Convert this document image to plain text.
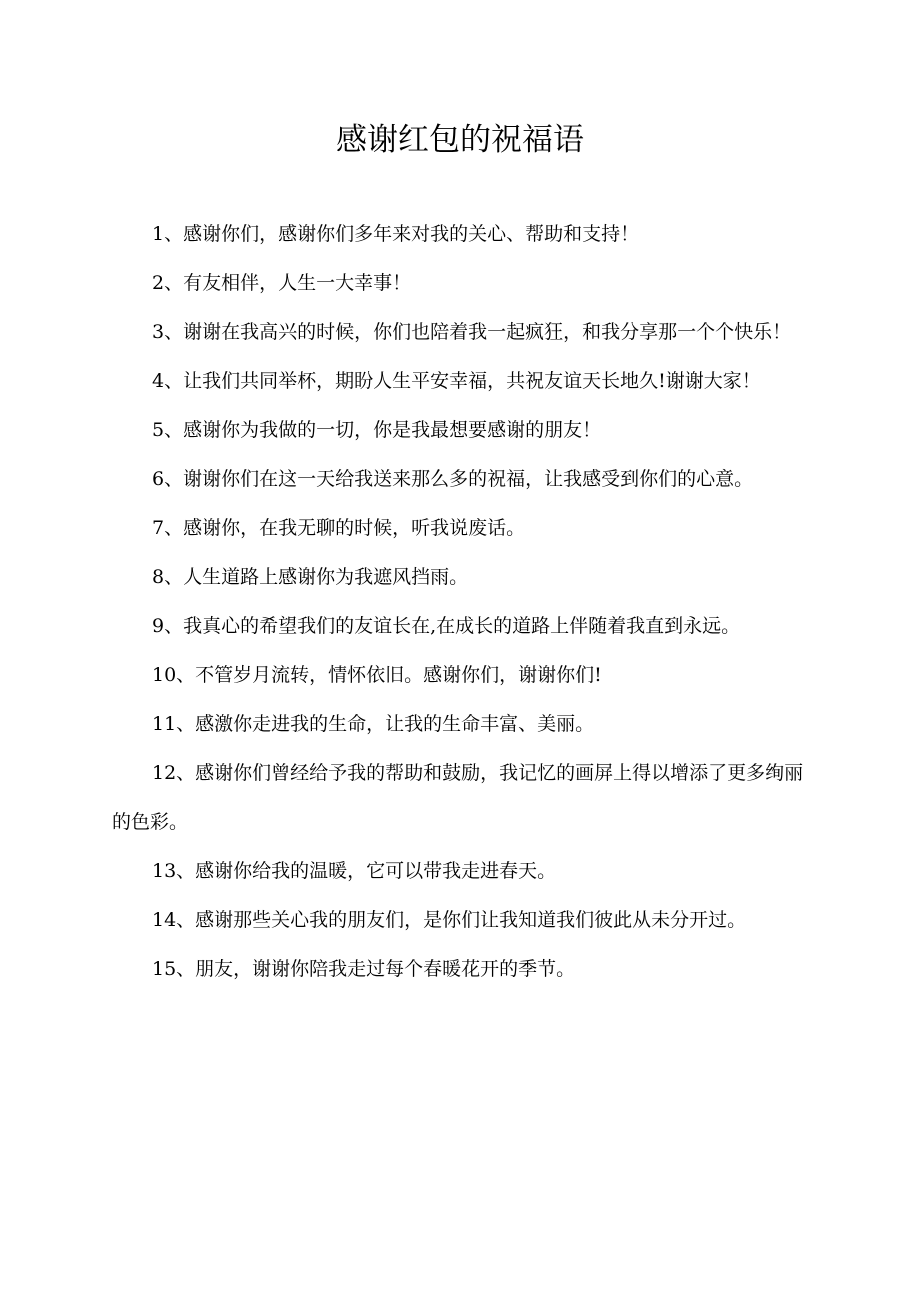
感谢红包的祝福语

1、感谢你们，感谢你们多年来对我的关心、帮助和支持！

2、有友相伴，人生一大幸事！

3、谢谢在我高兴的时候，你们也陪着我一起疯狂，和我分享那一个个快乐！

4、让我们共同举杯，期盼人生平安幸福，共祝友谊天长地久!谢谢大家！

5、感谢你为我做的一切，你是我最想要感谢的朋友！

6、谢谢你们在这一天给我送来那么多的祝福，让我感受到你们的心意。

7、感谢你，在我无聊的时候，听我说废话。

8、人生道路上感谢你为我遮风挡雨。

9、我真心的希望我们的友谊长在,在成长的道路上伴随着我直到永远。

10、不管岁月流转，情怀依旧。感谢你们，谢谢你们!

11、感激你走进我的生命，让我的生命丰富、美丽。

12、感谢你们曾经给予我的帮助和鼓励，我记忆的画屏上得以增添了更多绚丽的色彩。

13、感谢你给我的温暖，它可以带我走进春天。

14、感谢那些关心我的朋友们，是你们让我知道我们彼此从未分开过。

15、朋友，谢谢你陪我走过每个春暖花开的季节。
